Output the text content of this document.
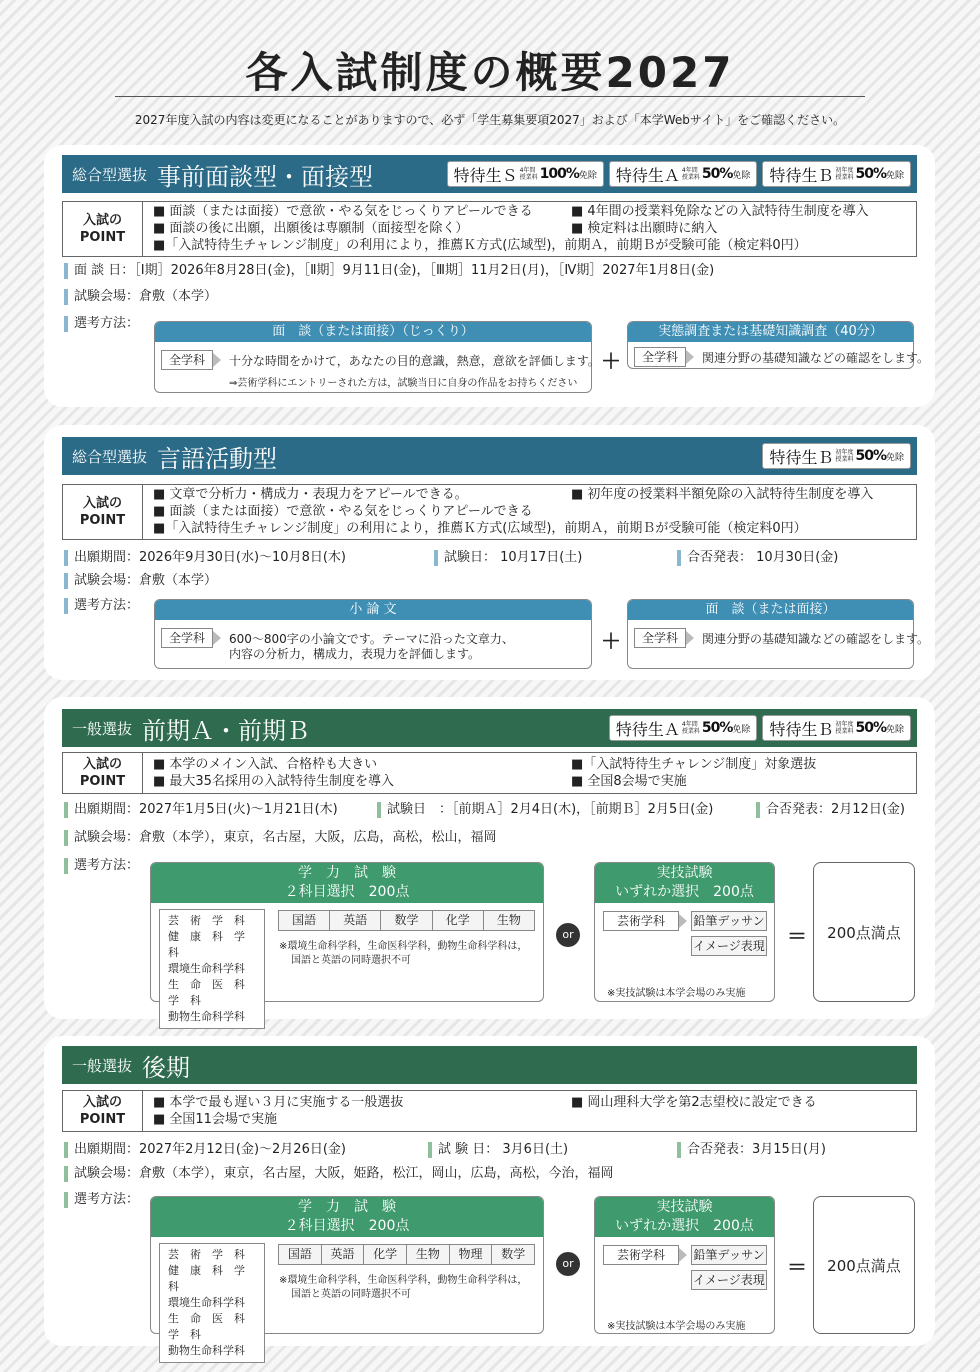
各入試制度の概要2027
2027年度入試の内容は変更になることがありますので、必ず「学生募集要項2027」および「本学Webサイト」をご確認ください。
総合型選抜 事前面談型・面接型	特待生Ｓ 4年間
授業料 100% 免除 特待生Ａ 4年間
授業料 50% 免除 特待生Ｂ 初年度
授業料 50% 免除
入試の
POINT
■ 面談（または面接）で意欲・やる気をじっくりアピールできる	■ 4年間の授業料免除などの入試特待生制度を導入
■ 面談の後に出願，出願後は専願制（面接型を除く）	■ 検定料は出願時に納入
■「入試特待生チャレンジ制度」の利用により，推薦Ｋ方式(広域型)，前期Ａ，前期Ｂが受験可能（検定料0円）
面 談 日：［Ⅰ期］2026年8月28日(金)，［Ⅱ期］9月11日(金)，［Ⅲ期］11月2日(月)，［Ⅳ期］2027年1月8日(金)
試験会場：倉敷（本学）
選考方法：
面　談（または面接）（じっくり）
全学科	十分な時間をかけて，あなたの目的意識，熱意，意欲を評価します。
⇒芸術学科にエントリーされた方は，試験当日に自身の作品をお持ちください
＋
実態調査または基礎知識調査（40分）
全学科	関連分野の基礎知識などの確認をします。
総合型選抜 言語活動型	特待生Ｂ 初年度
授業料 50% 免除
入試の
POINT
■ 文章で分析力・構成力・表現力をアピールできる。	■ 初年度の授業料半額免除の入試特待生制度を導入
■ 面談（または面接）で意欲・やる気をじっくりアピールできる
■「入試特待生チャレンジ制度」の利用により，推薦Ｋ方式(広域型)，前期Ａ，前期Ｂが受験可能（検定料0円）
出願期間：2026年9月30日(水)〜10月8日(木)	試験日： 10月17日(土)	合否発表： 10月30日(金)
試験会場：倉敷（本学）
選考方法：	小 論 文
全学科	600〜800字の小論文です。テーマに沿った文章力、
内容の分析力，構成力，表現力を評価します。
＋
面　談（または面接）
全学科	関連分野の基礎知識などの確認をします。
一般選抜 前期Ａ・前期Ｂ	特待生Ａ 4年間
授業料 50% 免除 特待生Ｂ 初年度
授業料 50% 免除
入試の
POINT
■ 本学のメイン入試、合格枠も大きい	■「入試特待生チャレンジ制度」対象選抜
■ 最大35名採用の入試特待生制度を導入	■ 全国8会場で実施
出願期間：2027年1月5日(火)〜1月21日(木)	試験日　：［前期Ａ］2月4日(木)，［前期Ｂ］2月5日(金)	合否発表：2月12日(金)
試験会場：倉敷（本学），東京，名古屋，大阪，広島，高松，松山，福岡
選考方法：	学　力　試　験
２科目選択　200点
芸　術　学　科
健　康　科　学　科
環境生命科学科
生　命　医　科　学　科
動物生命科学科
国語	英語	数学	化学	生物
※環境生命科学科，生命医科学科，動物生命科学科は，
国語と英語の同時選択不可
or
実技試験
いずれか選択　200点
芸術学科	鉛筆デッサン
イメージ表現
※実技試験は本学会場のみ実施
＝	200点満点
一般選抜 後期
入試の
POINT
■ 本学で最も遅い３月に実施する一般選抜	■ 岡山理科大学を第2志望校に設定できる
■ 全国11会場で実施
出願期間：2027年2月12日(金)〜2月26日(金)	試 験 日： 3月6日(土)	合否発表：3月15日(月)
試験会場：倉敷（本学），東京，名古屋，大阪，姫路，松江，岡山，広島，高松，今治，福岡
選考方法：	学　力　試　験
２科目選択　200点
芸　術　学　科
健　康　科　学　科
環境生命科学科
生　命　医　科　学　科
動物生命科学科
国語	英語	化学	生物	物理	数学
※環境生命科学科，生命医科学科，動物生命科学科は，
国語と英語の同時選択不可
or
実技試験
いずれか選択　200点
芸術学科	鉛筆デッサン
イメージ表現
※実技試験は本学会場のみ実施
＝	200点満点
